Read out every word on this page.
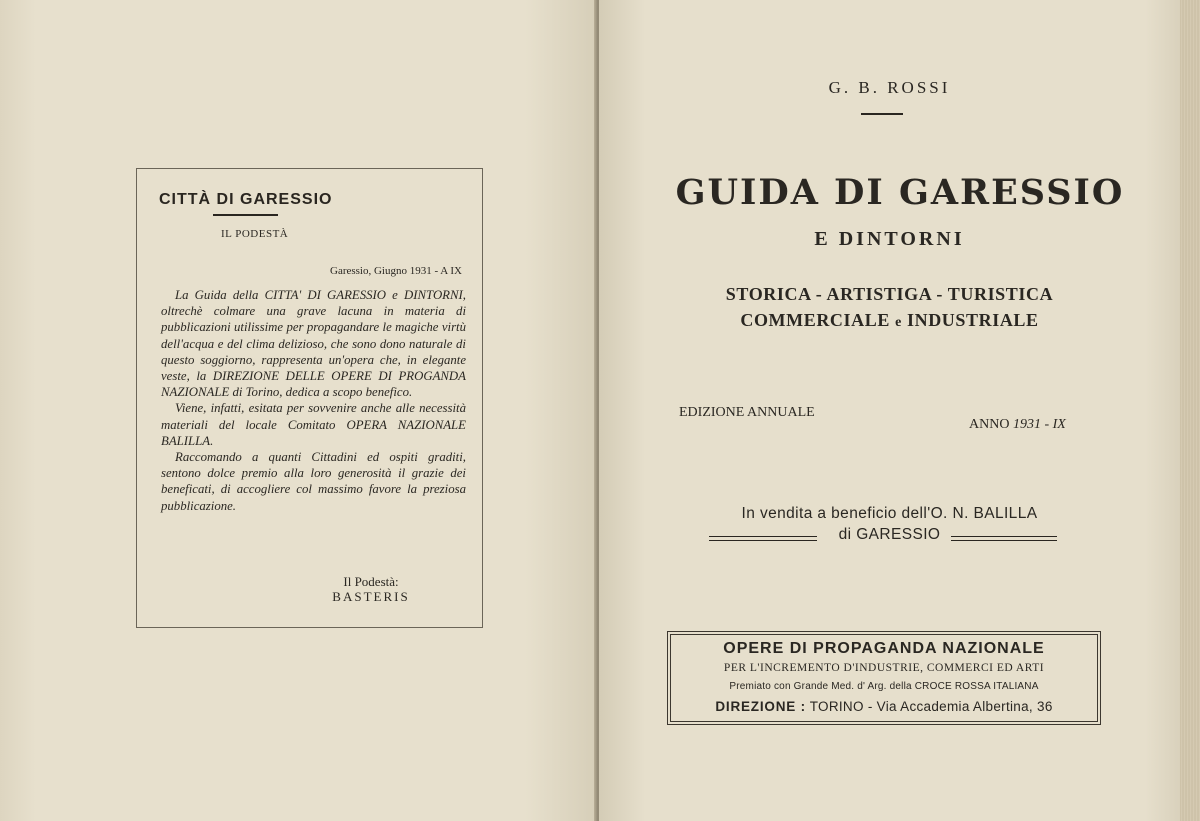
CITTÀ DI GARESSIO
IL PODESTÀ
Garessio, Giugno 1931 - A IX

La Guida della CITTA' DI GARESSIO e DINTORNI, oltrechè colmare una grave lacuna in materia di pubblicazioni utilissime per propagandare le magiche virtù dell'acqua e del clima delizioso, che sono dono naturale di questo soggiorno, rappresenta un'opera che, in elegante veste, la DIREZIONE DELLE OPERE DI PROGANDA NAZIONALE di Torino, dedica a scopo benefico.

Viene, infatti, esitata per sovvenire anche alle necessità materiali del locale Comitato OPERA NAZIONALE BALILLA.

Raccomando a quanti Cittadini ed ospiti graditi, sentono dolce premio alla loro generosità il grazie dei beneficati, di accogliere col massimo favore la preziosa pubblicazione.

Il Podestà:
BASTERIS
G. B. ROSSI
GUIDA DI GARESSIO
E DINTORNI
STORICA - ARTISTIGA - TURISTICA
COMMERCIALE e INDUSTRIALE
EDIZIONE ANNUALE
ANNO 1931 - IX
In vendita a beneficio dell'O. N. BALILLA
di GARESSIO
OPERE DI PROPAGANDA NAZIONALE
PER L'INCREMENTO D'INDUSTRIE, COMMERCI ED ARTI
Premiato con Grande Med. d' Arg. della CROCE ROSSA ITALIANA
DIREZIONE : TORINO - Via Accademia Albertina, 36
